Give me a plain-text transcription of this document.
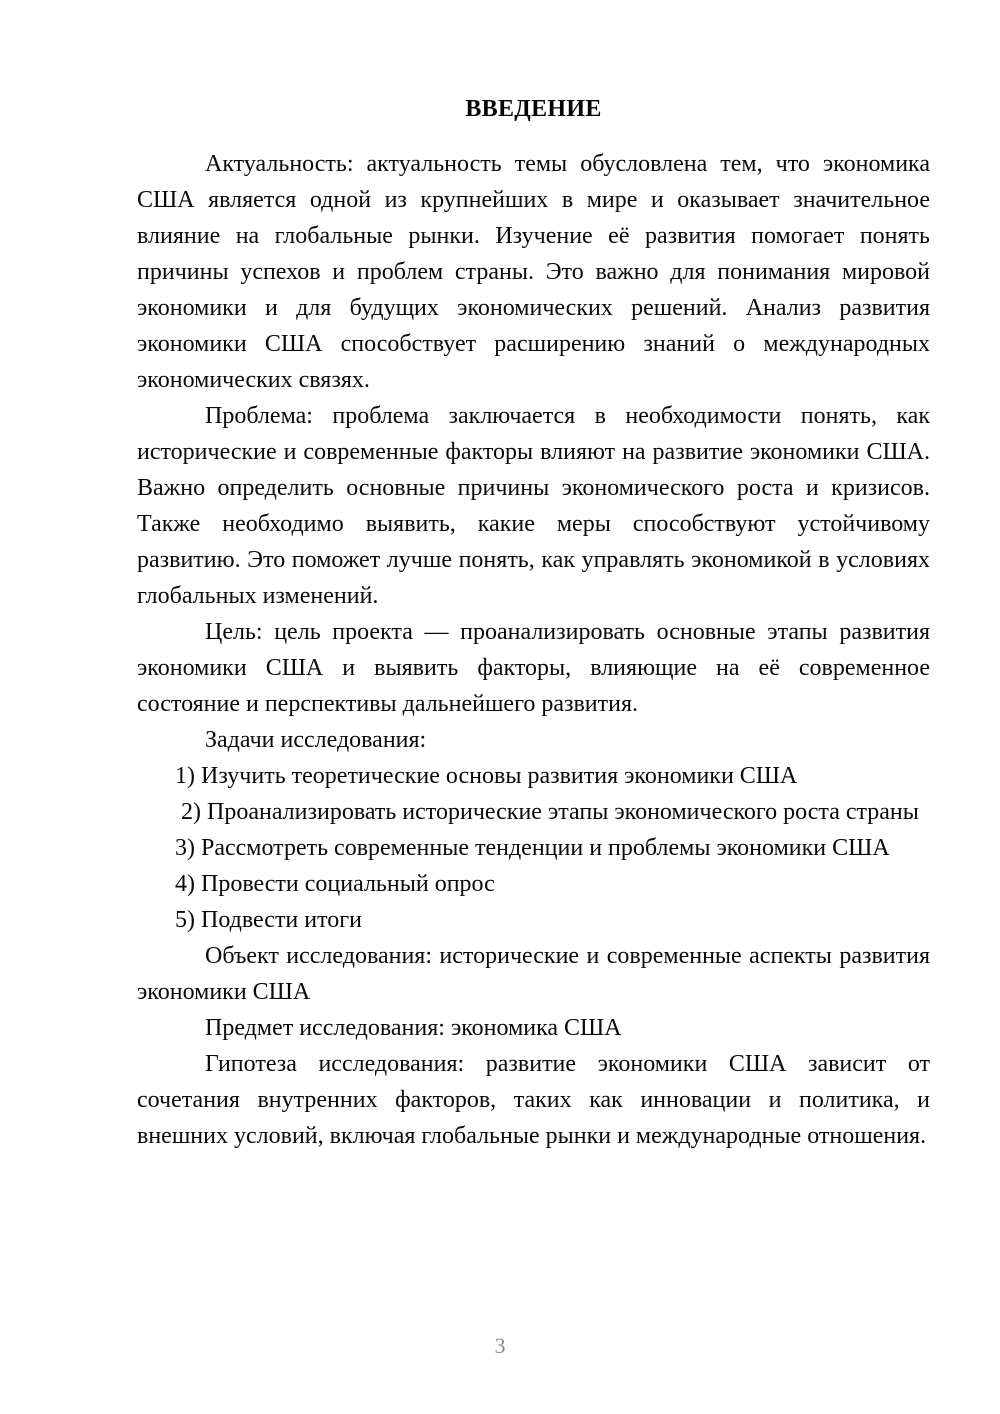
ВВЕДЕНИЕ

Актуальность: актуальность темы обусловлена тем, что экономика США является одной из крупнейших в мире и оказывает значительное влияние на глобальные рынки. Изучение её развития помогает понять причины успехов и проблем страны. Это важно для понимания мировой экономики и для будущих экономических решений. Анализ развития экономики США способствует расширению знаний о международных экономических связях.

Проблема: проблема заключается в необходимости понять, как исторические и современные факторы влияют на развитие экономики США. Важно определить основные причины экономического роста и кризисов. Также необходимо выявить, какие меры способствуют устойчивому развитию. Это поможет лучше понять, как управлять экономикой в условиях глобальных изменений.

Цель: цель проекта — проанализировать основные этапы развития экономики США и выявить факторы, влияющие на её современное состояние и перспективы дальнейшего развития.

Задачи исследования:

1) Изучить теоретические основы развития экономики США

2) Проанализировать исторические этапы экономического роста страны

3) Рассмотреть современные тенденции и проблемы экономики США

4) Провести социальный опрос

5) Подвести итоги

Объект исследования: исторические и современные аспекты развития экономики США

Предмет исследования: экономика США

Гипотеза исследования: развитие экономики США зависит от сочетания внутренних факторов, таких как инновации и политика, и внешних условий, включая глобальные рынки и международные отношения.

3
